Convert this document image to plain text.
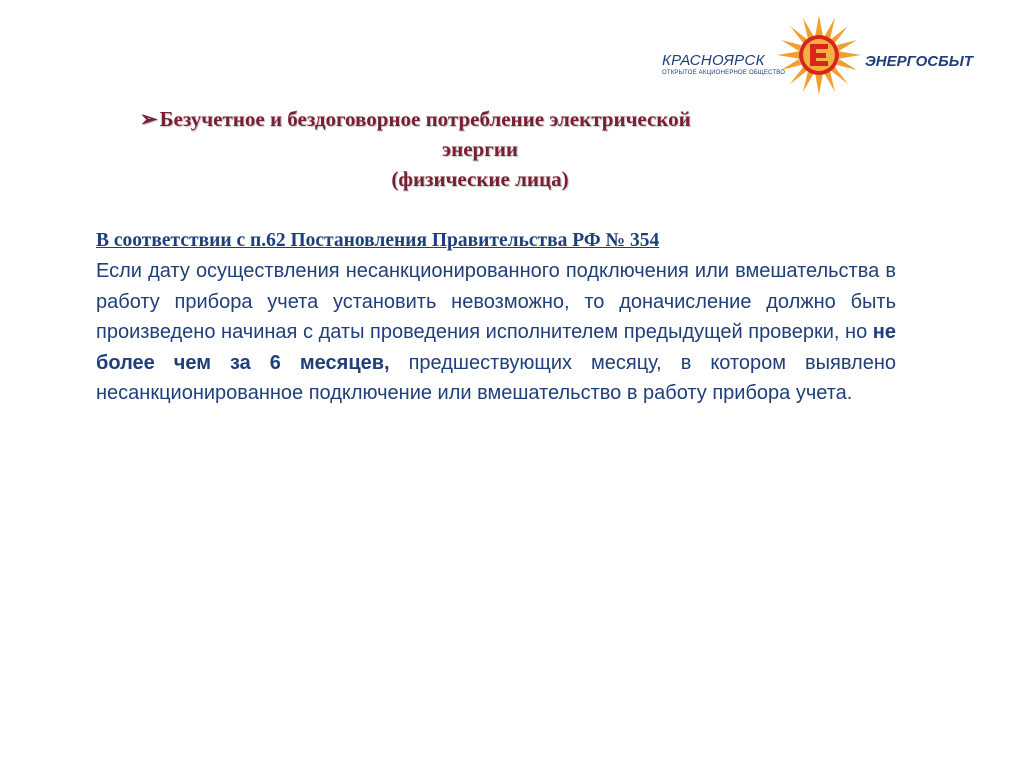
КРАСНОЯРСК
ОТКРЫТОЕ АКЦИОНЕРНОЕ ОБЩЕСТВО
ЭНЕРГОСБЫТ
➢Безучетное и бездоговорное потребление электрической
энергии
(физические лица)
В соответствии с п.62 Постановления Правительства РФ № 354

Если дату осуществления несанкционированного подключения или вмешательства в работу прибора учета установить невозможно, то доначисление должно быть произведено начиная с даты проведения исполнителем предыдущей проверки, но не более чем за 6 месяцев, предшествующих месяцу, в котором выявлено несанкционированное подключение или вмешательство в работу прибора учета.
